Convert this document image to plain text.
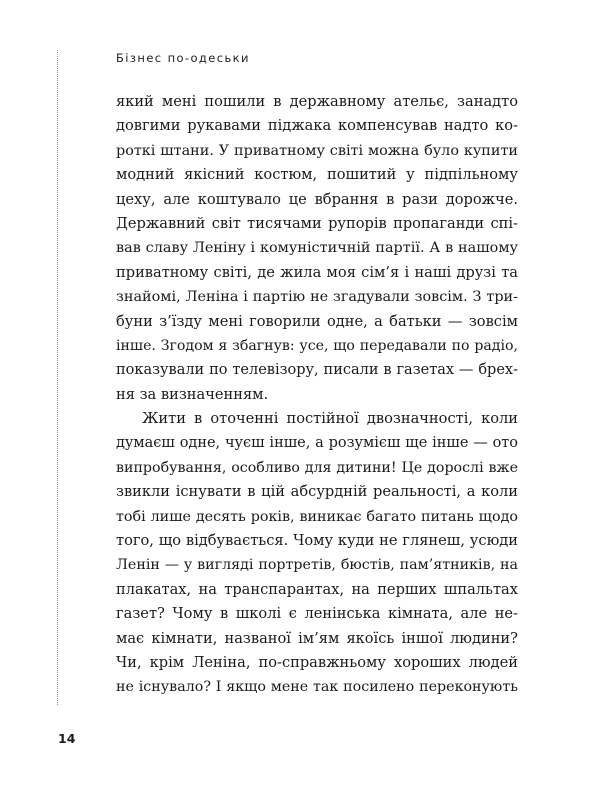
Бізнес по-одеськи
який мені пошили в державному ательє, занадто
довгими рукавами піджака компенсував надто ко-
роткі штани. У приватному світі можна було купити
модний якісний костюм, пошитий у підпільному
цеху, але коштувало це вбрання в рази дорожче.
Державний світ тисячами рупорів пропаганди спі-
вав славу Леніну і комуністичній партії. А в нашому
приватному світі, де жила моя сім’я і наші друзі та
знайомі, Леніна і партію не згадували зовсім. З три-
буни з’їзду мені говорили одне, а батьки — зовсім
інше. Згодом я збагнув: усе, що передавали по радіо,
показували по телевізору, писали в газетах — брех-
ня за визначенням.
Жити в оточенні постійної двозначності, коли
думаєш одне, чуєш інше, а розумієш ще інше — ото
випробування, особливо для дитини! Це дорослі вже
звикли існувати в цій абсурдній реальності, а коли
тобі лише десять років, виникає багато питань щодо
того, що відбувається. Чому куди не глянеш, усюди
Ленін — у вигляді портретів, бюстів, пам’ятників, на
плакатах, на транспарантах, на перших шпальтах
газет? Чому в школі є ленінська кімната, але не-
має кімнати, названої ім’ям якоїсь іншої людини?
Чи, крім Леніна, по-справжньому хороших людей
не існувало? І якщо мене так посилено переконують
14
